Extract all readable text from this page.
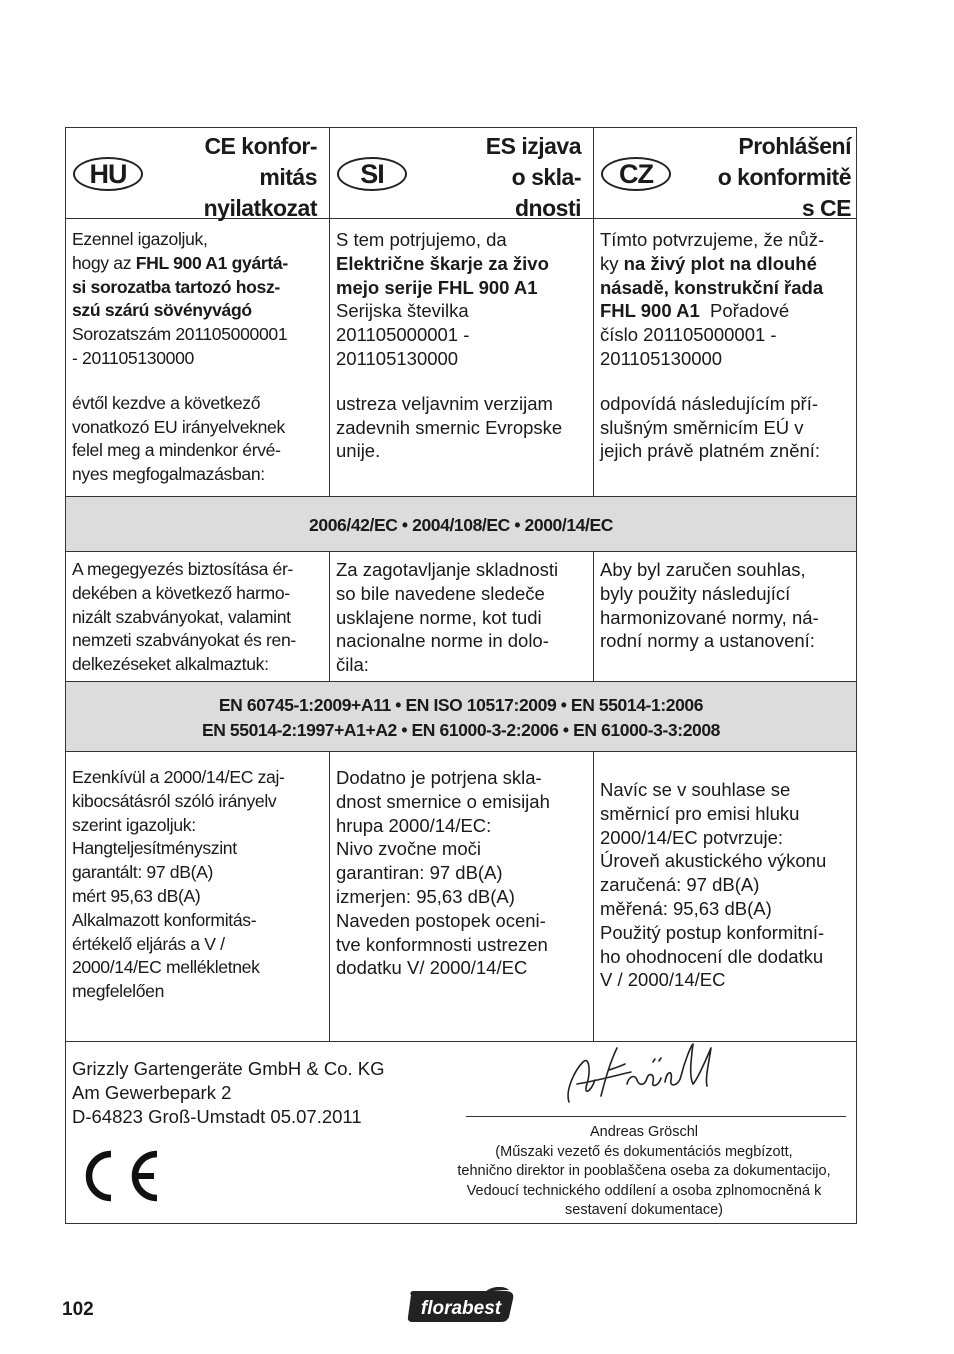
HU
CE konfor-
mitás
nyilatkozat
SI
ES izjava
o skla-
dnosti
CZ
Prohlášení
o konformitě
s CE
Ezennel igazoljuk,
hogy az FHL 900 A1 gyártá-
si sorozatba tartozó hosz-
szú szárú sövényvágó
Sorozatszám 201105000001
- 201105130000
évtől kezdve a következő
vonatkozó EU irányelveknek
felel meg a mindenkor érvé-
nyes megfogalmazásban:
S tem potrjujemo, da
Električne škarje za živo
mejo serije FHL 900 A1
Serijska številka
201105000001 -
201105130000
ustreza veljavnim verzijam
zadevnih smernic Evropske
unije.
Tímto potvrzujeme, že nůž-
ky na živý plot na dlouhé
násadě, konstrukční řada
FHL 900 A1  Pořadové
číslo 201105000001 -
201105130000
odpovídá následujícím pří-
slušným směrnicím EÚ v
jejich právě platném znění:
2006/42/EC • 2004/108/EC • 2000/14/EC
A megegyezés biztosítása ér-
dekében a következő harmo-
nizált szabványokat, valamint
nemzeti szabványokat és ren-
delkezéseket alkalmaztuk:
Za zagotavljanje skladnosti
so bile navedene sledeče
usklajene norme, kot tudi
nacionalne norme in dolo-
čila:
Aby byl zaručen souhlas,
byly použity následující
harmonizované normy, ná-
rodní normy a ustanovení:
EN 60745-1:2009+A11 • EN ISO 10517:2009 • EN 55014-1:2006
EN 55014-2:1997+A1+A2 • EN 61000-3-2:2006 • EN 61000-3-3:2008
Ezenkívül a 2000/14/EC zaj-
kibocsátásról szóló irányelv
szerint igazoljuk:
Hangteljesítményszint
garantált: 97 dB(A)
mért 95,63 dB(A)
Alkalmazott konformitás-
értékelő eljárás a V /
2000/14/EC mellékletnek
megfelelően
Dodatno je potrjena skla-
dnost smernice o emisijah
hrupa 2000/14/EC:
Nivo zvočne moči
garantiran: 97 dB(A)
izmerjen: 95,63 dB(A)
Naveden postopek oceni-
tve konformnosti ustrezen
dodatku V/ 2000/14/EC
Navíc se v souhlase se
směrnicí pro emisi hluku
2000/14/EC potvrzuje:
Úroveň akustického výkonu
zaručená: 97 dB(A)
měřená: 95,63 dB(A)
Použitý postup konformitní-
ho ohodnocení dle dodatku
V / 2000/14/EC
Grizzly Gartengeräte GmbH & Co. KG
Am Gewerbepark 2
D-64823 Groß-Umstadt 05.07.2011
Andreas Gröschl
(Műszaki vezető és dokumentációs megbízott,
tehnično direktor in pooblaščena oseba za dokumentacijo,
Vedoucí technického oddílení a osoba zplnomocněná k
sestavení dokumentace)
102	florabest
